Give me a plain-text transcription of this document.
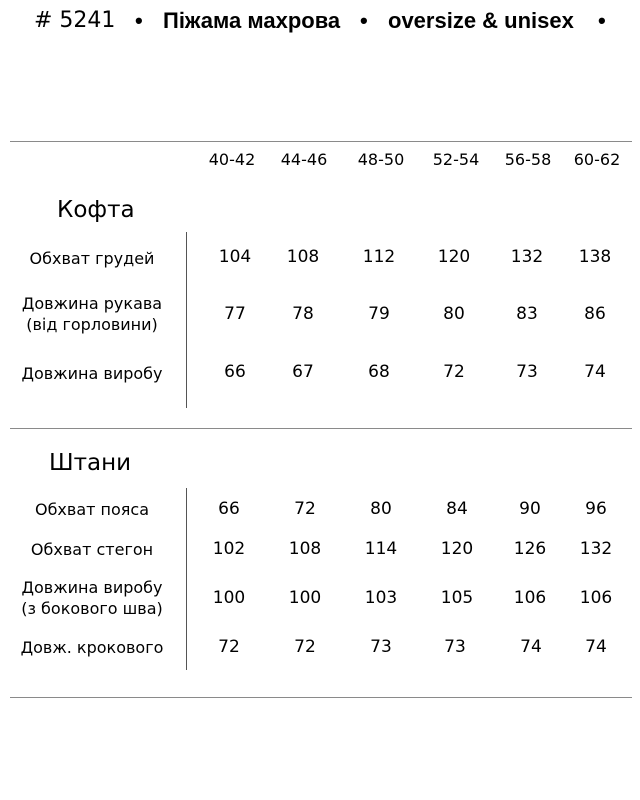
# 5241 • Піжама махрова • oversize & unisex •
40-42	44-46	48-50	52-54	56-58	60-62
Кофта
Обхват грудей	104	108	112	120	132	138
Довжина рукава
(від горловини)
77	78	79	80	83	86
Довжина виробу	66	67	68	72	73	74
Штани
Обхват пояса	66	72	80	84	90	96
Обхват стегон	102	108	114	120	126	132
Довжина виробу
(з бокового шва)
100	100	103	105	106	106
Довж. крокового	72	72	73	73	74	74
